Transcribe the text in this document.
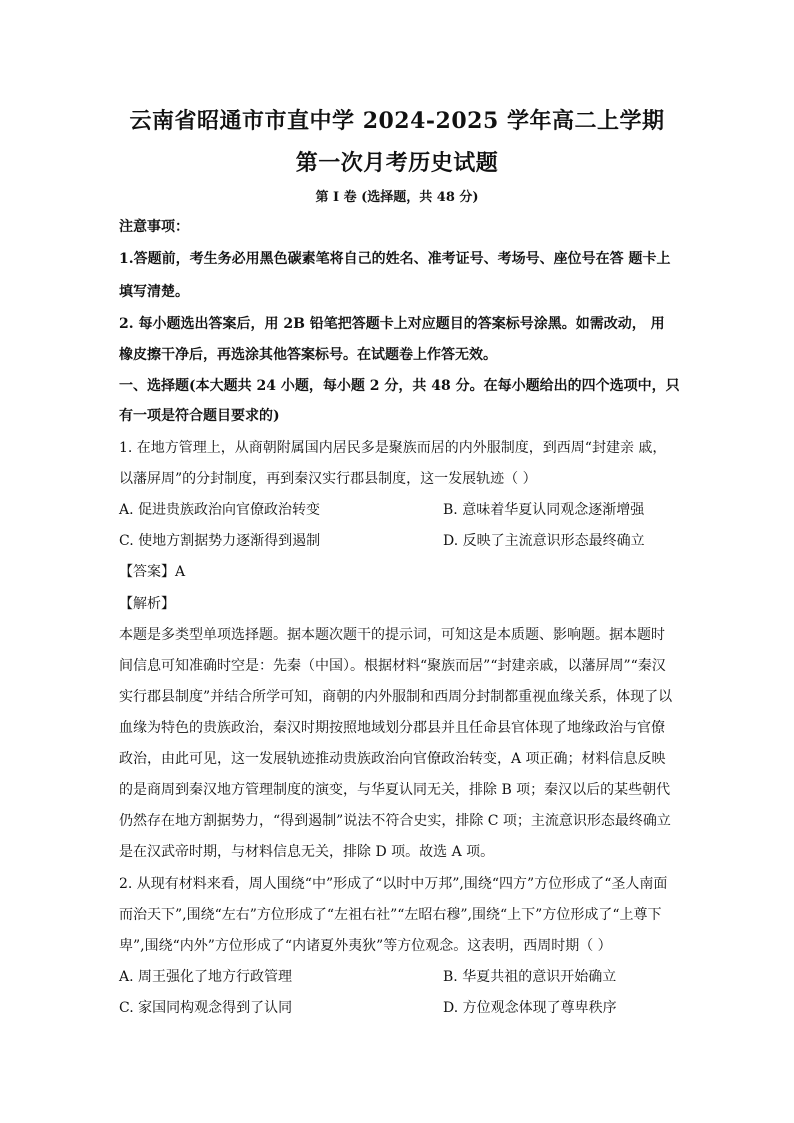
云南省昭通市市直中学 2024-2025 学年高二上学期
第一次月考历史试题
第 I 卷 (选择题，共 48 分)
注意事项：
1.答题前，考生务必用黑色碳素笔将自己的姓名、准考证号、考场号、座位号在答 题卡上
填写清楚。
2. 每小题选出答案后，用 2B 铅笔把答题卡上对应题目的答案标号涂黑。如需改动， 用
橡皮擦干净后，再选涂其他答案标号。在试题卷上作答无效。
一、选择题(本大题共 24 小题，每小题 2 分，共 48 分。在每小题给出的四个选项中，只
有一项是符合题目要求的)
1. 在地方管理上，从商朝附属国内居民多是聚族而居的内外服制度，到西周“封建亲 戚，
以藩屏周”的分封制度，再到秦汉实行郡县制度，这一发展轨迹（ ）
A. 促进贵族政治向官僚政治转变	B. 意味着华夏认同观念逐渐增强
C. 使地方割据势力逐渐得到遏制	D. 反映了主流意识形态最终确立
【答案】A
【解析】
本题是多类型单项选择题。据本题次题干的提示词，可知这是本质题、影响题。据本题时
间信息可知准确时空是：先秦（中国）。根据材料“聚族而居”“封建亲戚，以藩屏周”“秦汉
实行郡县制度”并结合所学可知，商朝的内外服制和西周分封制都重视血缘关系，体现了以
血缘为特色的贵族政治，秦汉时期按照地域划分郡县并且任命县官体现了地缘政治与官僚
政治，由此可见，这一发展轨迹推动贵族政治向官僚政治转变，A 项正确；材料信息反映
的是商周到秦汉地方管理制度的演变，与华夏认同无关，排除 B 项；秦汉以后的某些朝代
仍然存在地方割据势力，“得到遏制”说法不符合史实，排除 C 项；主流意识形态最终确立
是在汉武帝时期，与材料信息无关，排除 D 项。故选 A 项。
2. 从现有材料来看，周人围绕“中”形成了“以时中万邦”,围绕“四方”方位形成了“圣人南面
而治天下”,围绕“左右”方位形成了“左祖右社”“左昭右穆”,围绕“上下”方位形成了“上尊下
卑”,围绕“内外”方位形成了“内诸夏外夷狄”等方位观念。这表明，西周时期（ ）
A. 周王强化了地方行政管理	B. 华夏共祖的意识开始确立
C. 家国同构观念得到了认同	D. 方位观念体现了尊卑秩序
